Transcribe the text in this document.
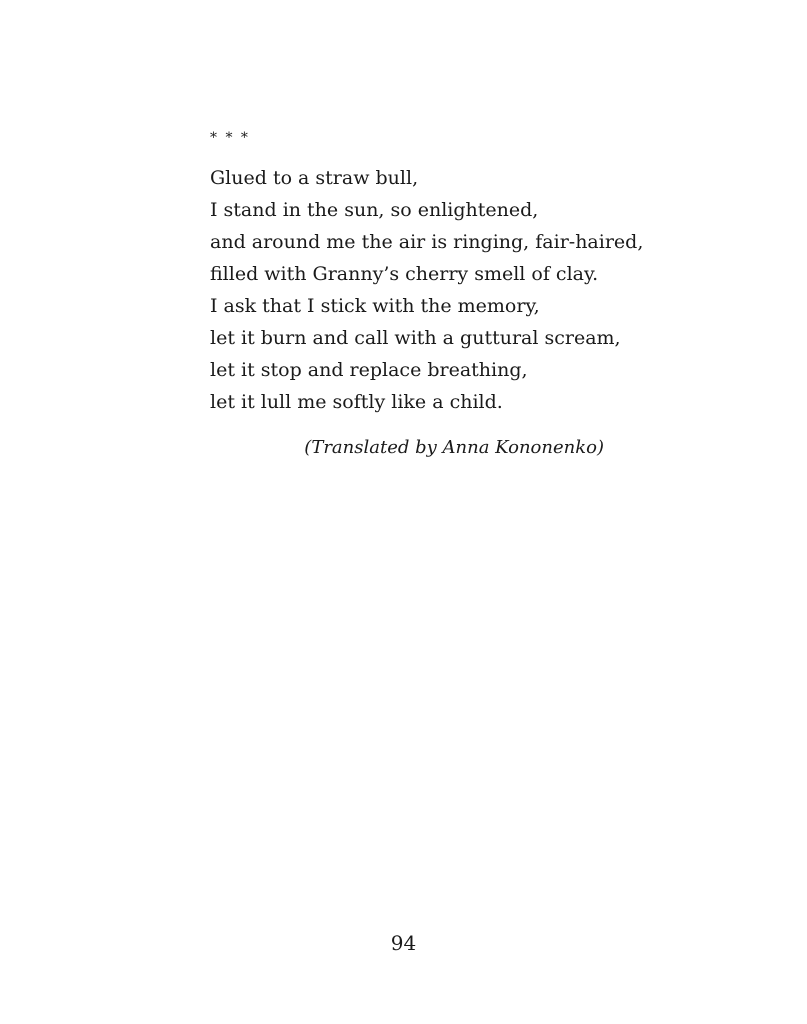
* * *
Glued to a straw bull,
I stand in the sun, so enlightened,
and around me the air is ringing, fair-haired,
filled with Granny’s cherry smell of clay.
I ask that I stick with the memory,
let it burn and call with a guttural scream,
let it stop and replace breathing,
let it lull me softly like a child.
(Translated by Anna Kononenko)
94
